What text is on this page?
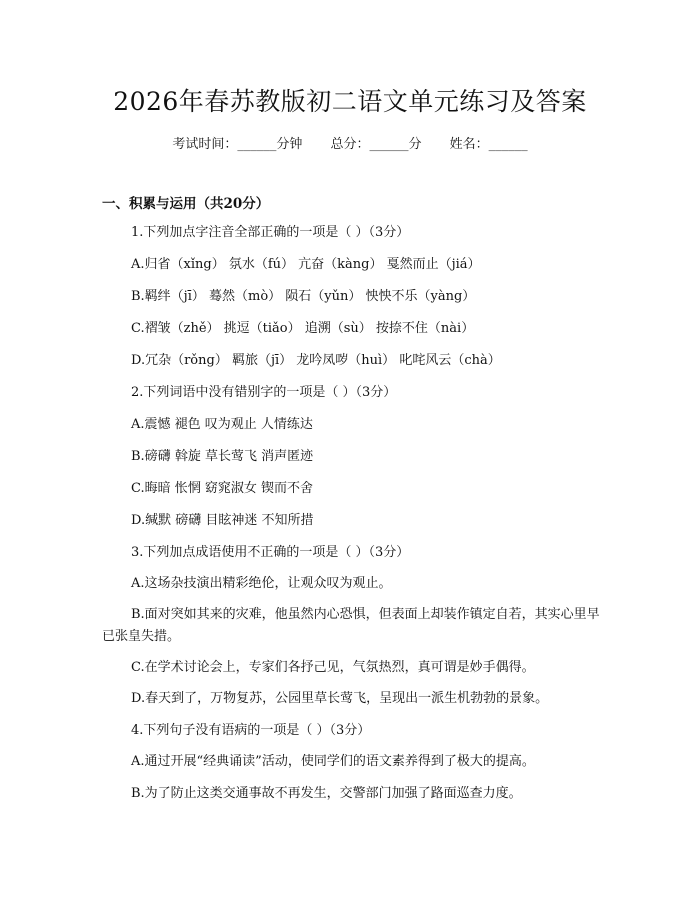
2026年春苏教版初二语文单元练习及答案
考试时间：______分钟 总分：______分 姓名：______
一、积累与运用（共20分）
1.下列加点字注音全部正确的一项是（ ）（3分）
A.归省（xǐng） 氛水（fú） 亢奋（kàng） 戛然而止（jiá）
B.羁绊（jī） 蓦然（mò） 陨石（yǔn） 怏怏不乐（yàng）
C.褶皱（zhě） 挑逗（tiǎo） 追溯（sù） 按捺不住（nài）
D.冗杂（rǒng） 羁旅（jī） 龙吟凤哕（huì） 叱咤风云（chà）
2.下列词语中没有错别字的一项是（ ）（3分）
A.震憾 褪色 叹为观止 人情练达
B.磅礴 斡旋 草长莺飞 消声匿迹
C.晦暗 怅惘 窈窕淑女 锲而不舍
D.缄默 磅礴 目眩神迷 不知所措
3.下列加点成语使用不正确的一项是（ ）（3分）
A.这场杂技演出精彩绝伦，让观众叹为观止。
B.面对突如其来的灾难，他虽然内心恐惧，但表面上却装作镇定自若，其实心里早已张皇失措。
C.在学术讨论会上，专家们各抒己见，气氛热烈，真可谓是妙手偶得。
D.春天到了，万物复苏，公园里草长莺飞，呈现出一派生机勃勃的景象。
4.下列句子没有语病的一项是（ ）（3分）
A.通过开展“经典诵读”活动，使同学们的语文素养得到了极大的提高。
B.为了防止这类交通事故不再发生，交警部门加强了路面巡查力度。
